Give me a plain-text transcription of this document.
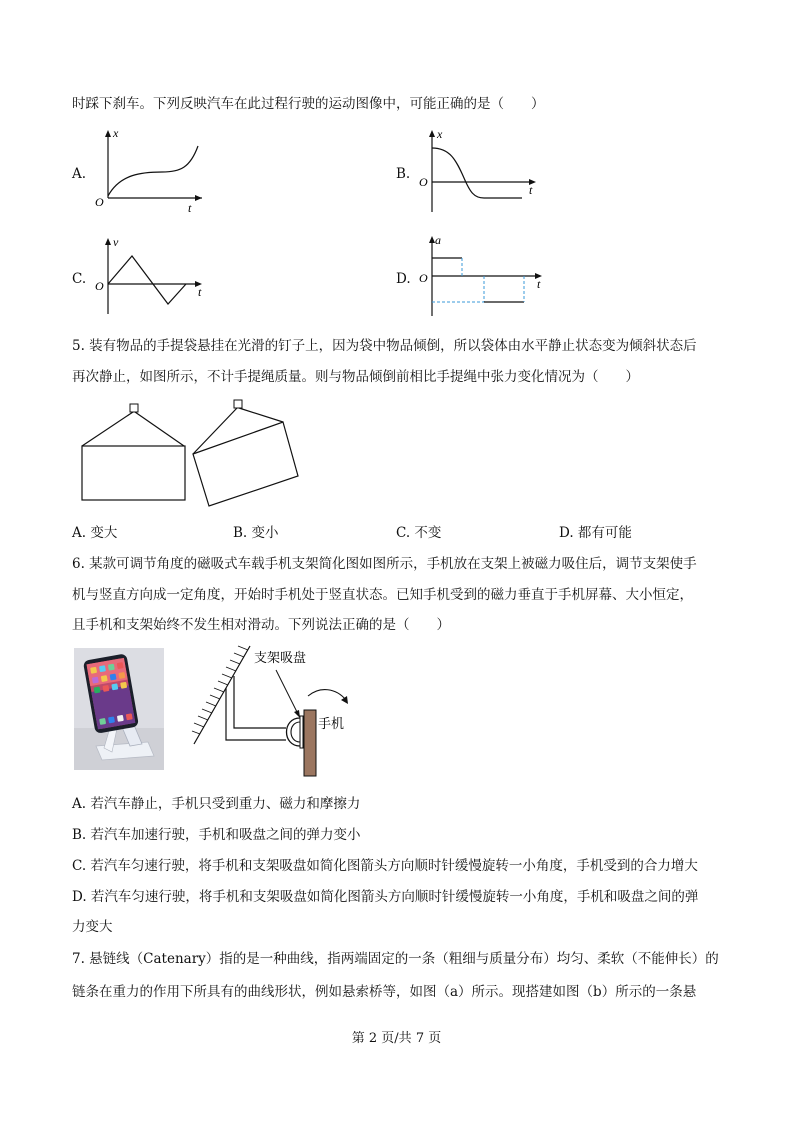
时踩下刹车。下列反映汽车在此过程行驶的运动图像中，可能正确的是（　　）
A.
x
t
O
B.
x
t
O
C.
v
t
O	D.
a
t
O
5. 装有物品的手提袋悬挂在光滑的钉子上，因为袋中物品倾倒，所以袋体由水平静止状态变为倾斜状态后
再次静止，如图所示，不计手提绳质量。则与物品倾倒前相比手提绳中张力变化情况为（　　）
A. 变大	B. 变小	C. 不变	D. 都有可能
6. 某款可调节角度的磁吸式车载手机支架简化图如图所示，手机放在支架上被磁力吸住后，调节支架使手
机与竖直方向成一定角度，开始时手机处于竖直状态。已知手机受到的磁力垂直于手机屏幕、大小恒定，
且手机和支架始终不发生相对滑动。下列说法正确的是（　　）
支架吸盘
手机
A. 若汽车静止，手机只受到重力、磁力和摩擦力
B. 若汽车加速行驶，手机和吸盘之间的弹力变小
C. 若汽车匀速行驶，将手机和支架吸盘如简化图箭头方向顺时针缓慢旋转一小角度，手机受到的合力增大
D. 若汽车匀速行驶，将手机和支架吸盘如简化图箭头方向顺时针缓慢旋转一小角度，手机和吸盘之间的弹
力变大
7. 悬链线（Catenary）指的是一种曲线，指两端固定的一条（粗细与质量分布）均匀、柔软（不能伸长）的
链条在重力的作用下所具有的曲线形状，例如悬索桥等，如图（a）所示。现搭建如图（b）所示的一条悬
第 2 页/共 7 页
